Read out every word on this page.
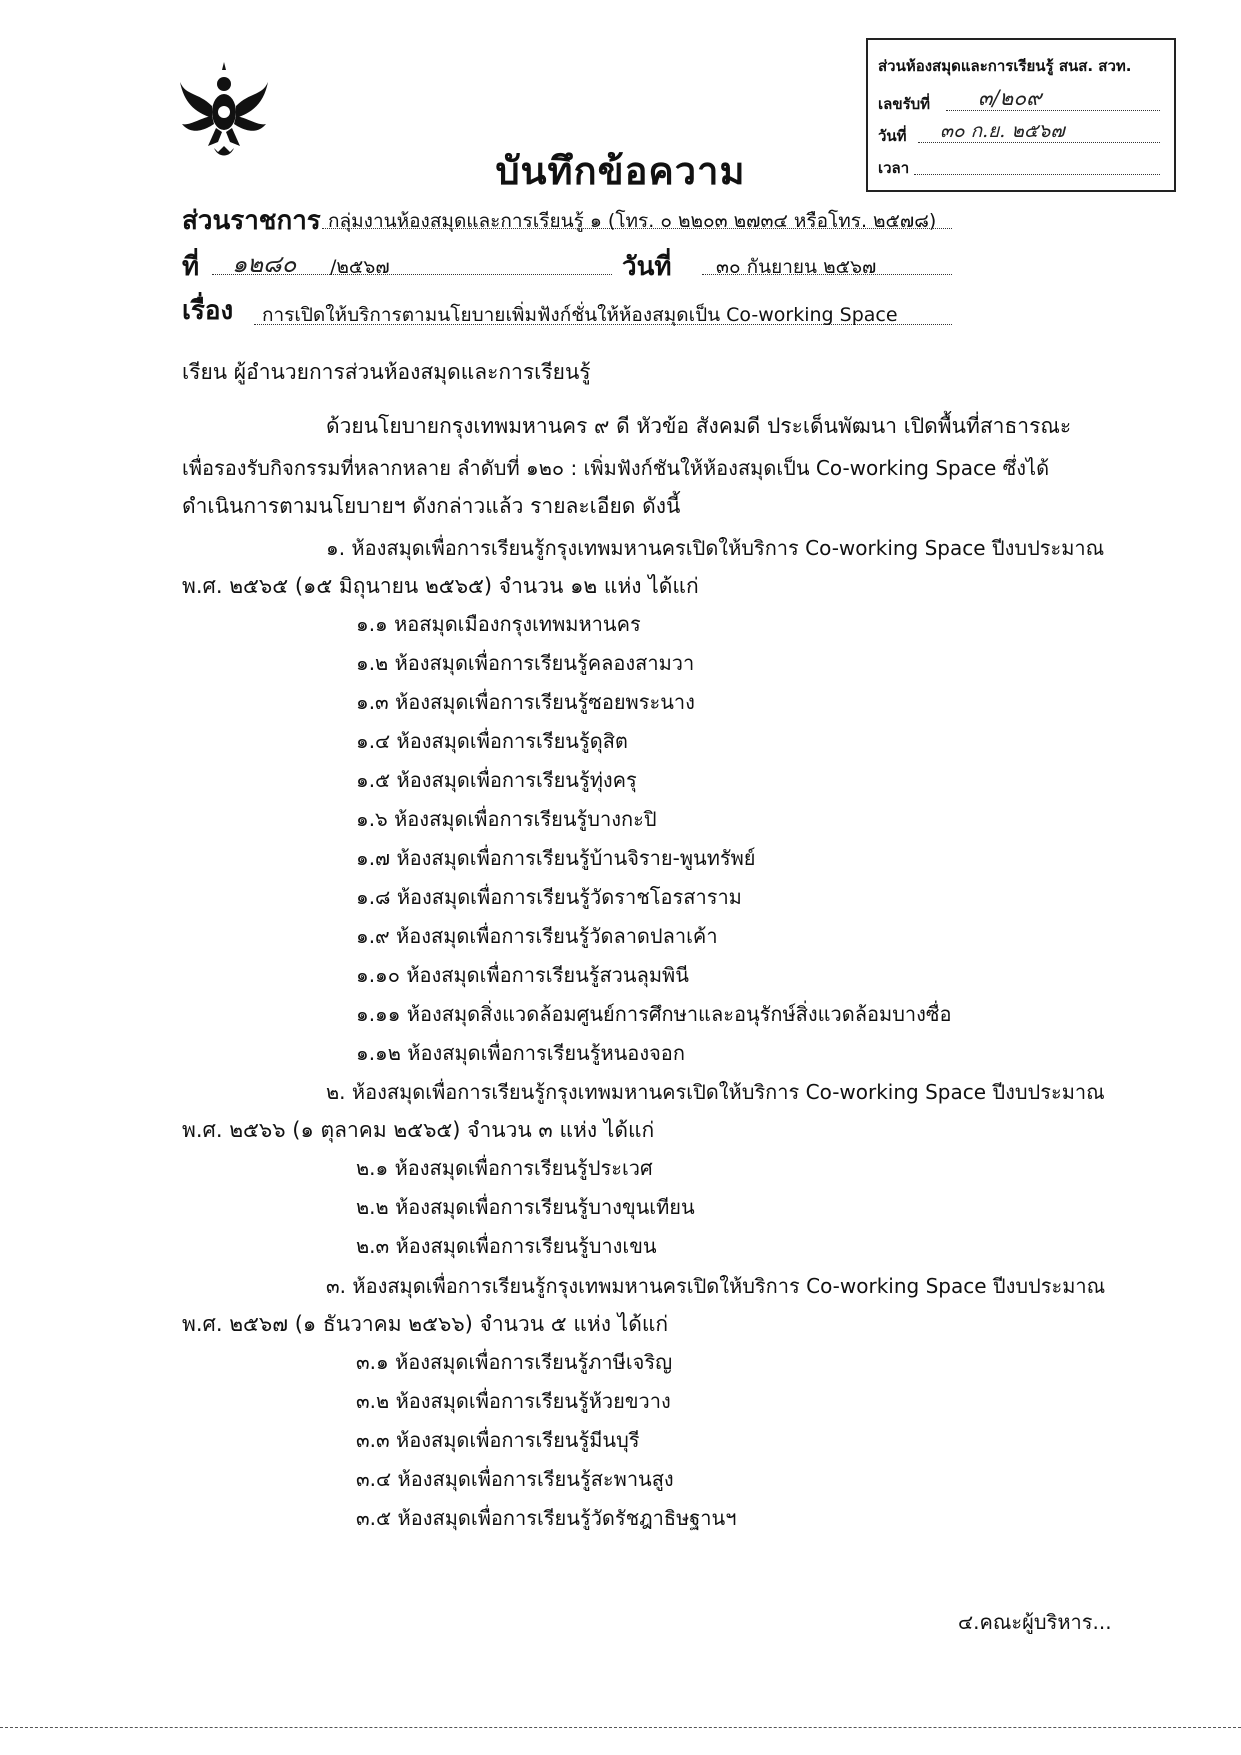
ส่วนห้องสมุดและการเรียนรู้ สนส. สวท.
เลขรับที่ ๓/๒๐๙
วันที่ ๓๐ ก.ย. ๒๕๖๗
เวลา
บันทึกข้อความ
ส่วนราชการ กลุ่มงานห้องสมุดและการเรียนรู้ ๑ (โทร. ๐ ๒๒๐๓ ๒๗๓๔ หรือโทร. ๒๕๗๘)
ที่ ๑๒๘๐ /๒๕๖๗	วันที่ ๓๐ กันยายน ๒๕๖๗
เรื่อง การเปิดให้บริการตามนโยบายเพิ่มฟังก์ชั่นให้ห้องสมุดเป็น Co-working Space
เรียน ผู้อำนวยการส่วนห้องสมุดและการเรียนรู้
ด้วยนโยบายกรุงเทพมหานคร ๙ ดี หัวข้อ สังคมดี ประเด็นพัฒนา เปิดพื้นที่สาธารณะ
เพื่อรองรับกิจกรรมที่หลากหลาย ลำดับที่ ๑๒๐ : เพิ่มฟังก์ชันให้ห้องสมุดเป็น Co-working Space ซึ่งได้
ดำเนินการตามนโยบายฯ ดังกล่าวแล้ว รายละเอียด ดังนี้
๑. ห้องสมุดเพื่อการเรียนรู้กรุงเทพมหานครเปิดให้บริการ Co-working Space ปีงบประมาณ
พ.ศ. ๒๕๖๕ (๑๕ มิถุนายน ๒๕๖๕) จำนวน ๑๒ แห่ง ได้แก่
๑.๑ หอสมุดเมืองกรุงเทพมหานคร
๑.๒ ห้องสมุดเพื่อการเรียนรู้คลองสามวา
๑.๓ ห้องสมุดเพื่อการเรียนรู้ซอยพระนาง
๑.๔ ห้องสมุดเพื่อการเรียนรู้ดุสิต
๑.๕ ห้องสมุดเพื่อการเรียนรู้ทุ่งครุ
๑.๖ ห้องสมุดเพื่อการเรียนรู้บางกะปิ
๑.๗ ห้องสมุดเพื่อการเรียนรู้บ้านจิราย-พูนทรัพย์
๑.๘ ห้องสมุดเพื่อการเรียนรู้วัดราชโอรสาราม
๑.๙ ห้องสมุดเพื่อการเรียนรู้วัดลาดปลาเค้า
๑.๑๐ ห้องสมุดเพื่อการเรียนรู้สวนลุมพินี
๑.๑๑ ห้องสมุดสิ่งแวดล้อมศูนย์การศึกษาและอนุรักษ์สิ่งแวดล้อมบางซื่อ
๑.๑๒ ห้องสมุดเพื่อการเรียนรู้หนองจอก
๒. ห้องสมุดเพื่อการเรียนรู้กรุงเทพมหานครเปิดให้บริการ Co-working Space ปีงบประมาณ
พ.ศ. ๒๕๖๖ (๑ ตุลาคม ๒๕๖๕) จำนวน ๓ แห่ง ได้แก่
๒.๑ ห้องสมุดเพื่อการเรียนรู้ประเวศ
๒.๒ ห้องสมุดเพื่อการเรียนรู้บางขุนเทียน
๒.๓ ห้องสมุดเพื่อการเรียนรู้บางเขน
๓. ห้องสมุดเพื่อการเรียนรู้กรุงเทพมหานครเปิดให้บริการ Co-working Space ปีงบประมาณ
พ.ศ. ๒๕๖๗ (๑ ธันวาคม ๒๕๖๖) จำนวน ๕ แห่ง ได้แก่
๓.๑ ห้องสมุดเพื่อการเรียนรู้ภาษีเจริญ
๓.๒ ห้องสมุดเพื่อการเรียนรู้ห้วยขวาง
๓.๓ ห้องสมุดเพื่อการเรียนรู้มีนบุรี
๓.๔ ห้องสมุดเพื่อการเรียนรู้สะพานสูง
๓.๕ ห้องสมุดเพื่อการเรียนรู้วัดรัชฎาธิษฐานฯ
๔.คณะผู้บริหาร...
